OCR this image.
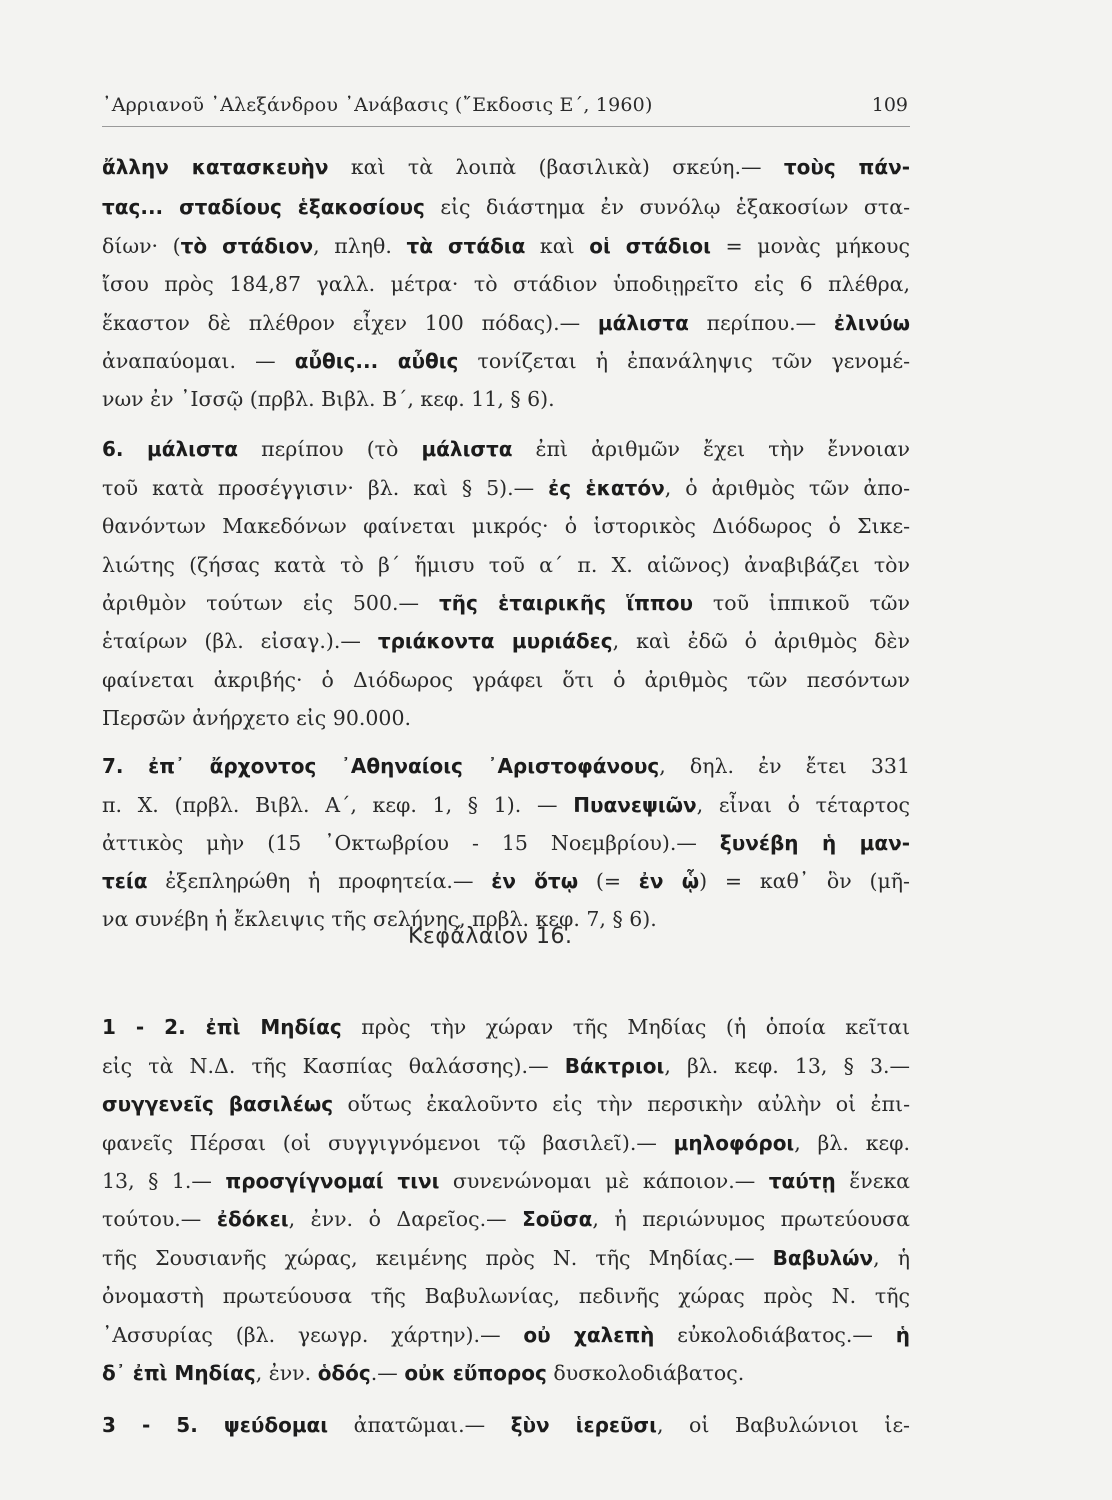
᾽Αρριανοῦ ᾽Αλεξάνδρου ᾽Ανάβασις (῎Εκδοσις Ε΄, 1960)	109
ἄλλην κατασκευὴν καὶ τὰ λοιπὰ (βασιλικὰ) σκεύη.— τοὺς πάν-
τας... σταδίους ἑξακοσίους εἰς διάστημα ἐν συνόλῳ ἑξακοσίων στα-
δίων· (τὸ στάδιον, πληθ. τὰ στάδια καὶ οἱ στάδιοι = μονὰς μήκους
ἴσου πρὸς 184,87 γαλλ. μέτρα· τὸ στάδιον ὑποδιῃρεῖτο εἰς 6 πλέθρα,
ἕκαστον δὲ πλέθρον εἶχεν 100 πόδας).— μάλιστα περίπου.— ἐλινύω
ἀναπαύομαι. — αὖθις... αὖθις τονίζεται ἡ ἐπανάληψις τῶν γενομέ-
νων ἐν ᾽Ισσῷ (πρβλ. Βιβλ. Β΄, κεφ. 11, § 6).
6. μάλιστα περίπου (τὸ μάλιστα ἐπὶ ἀριθμῶν ἔχει τὴν ἔννοιαν
τοῦ κατὰ προσέγγισιν· βλ. καὶ § 5).— ἐς ἑκατόν, ὁ ἀριθμὸς τῶν ἀπο-
θανόντων Μακεδόνων φαίνεται μικρός· ὁ ἱστορικὸς Διόδωρος ὁ Σικε-
λιώτης (ζήσας κατὰ τὸ β΄ ἥμισυ τοῦ α΄ π. Χ. αἰῶνος) ἀναβιβάζει τὸν
ἀριθμὸν τούτων εἰς 500.— τῆς ἑταιρικῆς ἵππου τοῦ ἱππικοῦ τῶν
ἑταίρων (βλ. εἰσαγ.).— τριάκοντα μυριάδες, καὶ ἐδῶ ὁ ἀριθμὸς δὲν
φαίνεται ἀκριβής· ὁ Διόδωρος γράφει ὅτι ὁ ἀριθμὸς τῶν πεσόντων
Περσῶν ἀνήρχετο εἰς 90.000.
7. ἐπ᾽ ἄρχοντος ᾽Αθηναίοις ᾽Αριστοφάνους, δηλ. ἐν ἔτει 331
π. Χ. (πρβλ. Βιβλ. Α΄, κεφ. 1, § 1). — Πυανεψιῶν, εἶναι ὁ τέταρτος
ἀττικὸς μὴν (15 ᾽Οκτωβρίου - 15 Νοεμβρίου).— ξυνέβη ἡ μαν-
τεία ἐξεπληρώθη ἡ προφητεία.— ἐν ὅτῳ (= ἐν ᾧ) = καθ᾽ ὃν (μῆ-
να συνέβη ἡ ἔκλειψις τῆς σελήνης, πρβλ. κεφ. 7, § 6).
Κεφάλαιον 16.
1 - 2. ἐπὶ Μηδίας πρὸς τὴν χώραν τῆς Μηδίας (ἡ ὁποία κεῖται
εἰς τὰ Ν.Δ. τῆς Κασπίας θαλάσσης).— Βάκτριοι, βλ. κεφ. 13, § 3.—
συγγενεῖς βασιλέως οὕτως ἐκαλοῦντο εἰς τὴν περσικὴν αὐλὴν οἱ ἐπι-
φανεῖς Πέρσαι (οἱ συγγιγνόμενοι τῷ βασιλεῖ).— μηλοφόροι, βλ. κεφ.
13, § 1.— προσγίγνομαί τινι συνενώνομαι μὲ κάποιον.— ταύτῃ ἕνεκα
τούτου.— ἐδόκει, ἐνν. ὁ Δαρεῖος.— Σοῦσα, ἡ περιώνυμος πρωτεύουσα
τῆς Σουσιανῆς χώρας, κειμένης πρὸς Ν. τῆς Μηδίας.— Βαβυλών, ἡ
ὀνομαστὴ πρωτεύουσα τῆς Βαβυλωνίας, πεδινῆς χώρας πρὸς Ν. τῆς
᾽Ασσυρίας (βλ. γεωγρ. χάρτην).— οὐ χαλεπὴ εὐκολοδιάβατος.— ἡ
δ᾽ ἐπὶ Μηδίας, ἐνν. ὁδός.— οὐκ εὔπορος δυσκολοδιάβατος.
3 - 5. ψεύδομαι ἀπατῶμαι.— ξὺν ἱερεῦσι, οἱ Βαβυλώνιοι ἱε-
